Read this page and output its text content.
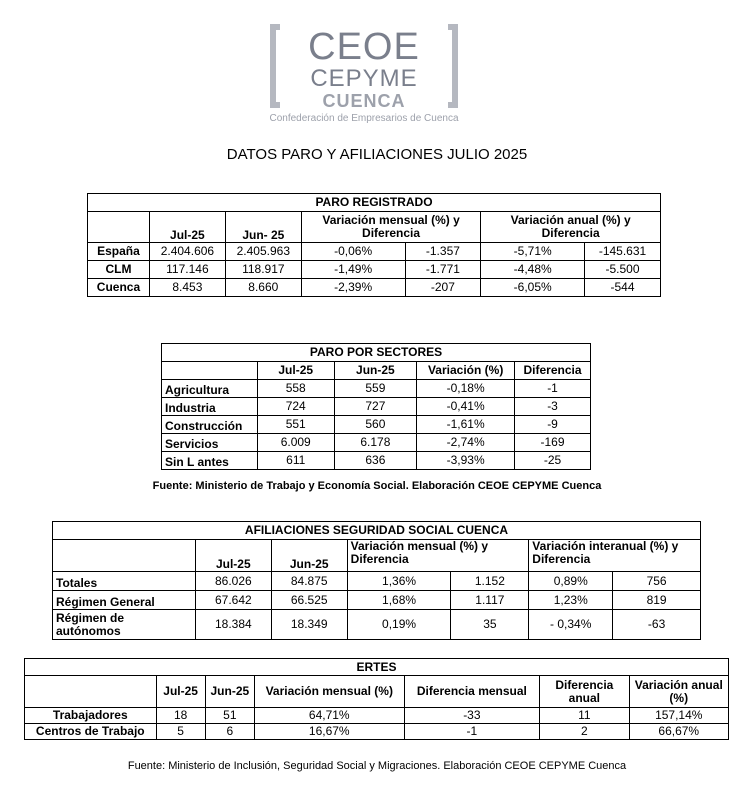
CEOE
CEPYME
CUENCA
Confederación de Empresarios de Cuenca
DATOS PARO Y AFILIACIONES JULIO 2025
PARO REGISTRADO						
	Jul-25	Jun- 25	Variación mensual (%) y Diferencia		Variación anual (%) y Diferencia	
España	2.404.606	2.405.963	-0,06%	-1.357	-5,71%	-145.631
CLM	117.146	118.917	-1,49%	-1.771	-4,48%	-5.500
Cuenca	8.453	8.660	-2,39%	-207	-6,05%	-544
PARO POR SECTORES				
	Jul-25	Jun-25	Variación (%)	Diferencia
Agricultura	558	559	-0,18%	-1
Industria	724	727	-0,41%	-3
Construcción	551	560	-1,61%	-9
Servicios	6.009	6.178	-2,74%	-169
Sin L antes	611	636	-3,93%	-25
Fuente: Ministerio de Trabajo y Economía Social. Elaboración CEOE CEPYME Cuenca
AFILIACIONES SEGURIDAD SOCIAL CUENCA						
	Jul-25	Jun-25	Variación mensual (%) y Diferencia		Variación interanual (%) y Diferencia	
Totales	86.026	84.875	1,36%	1.152	0,89%	756
Régimen General	67.642	66.525	1,68%	1.117	1,23%	819
Régimen de autónomos	18.384	18.349	0,19%	35	- 0,34%	-63
ERTES						
	Jul-25	Jun-25	Variación mensual (%)	Diferencia mensual	Diferencia anual	Variación anual (%)
Trabajadores	18	51	64,71%	-33	11	157,14%
Centros de Trabajo	5	6	16,67%	-1	2	66,67%
Fuente: Ministerio de Inclusión, Seguridad Social y Migraciones. Elaboración CEOE CEPYME Cuenca
